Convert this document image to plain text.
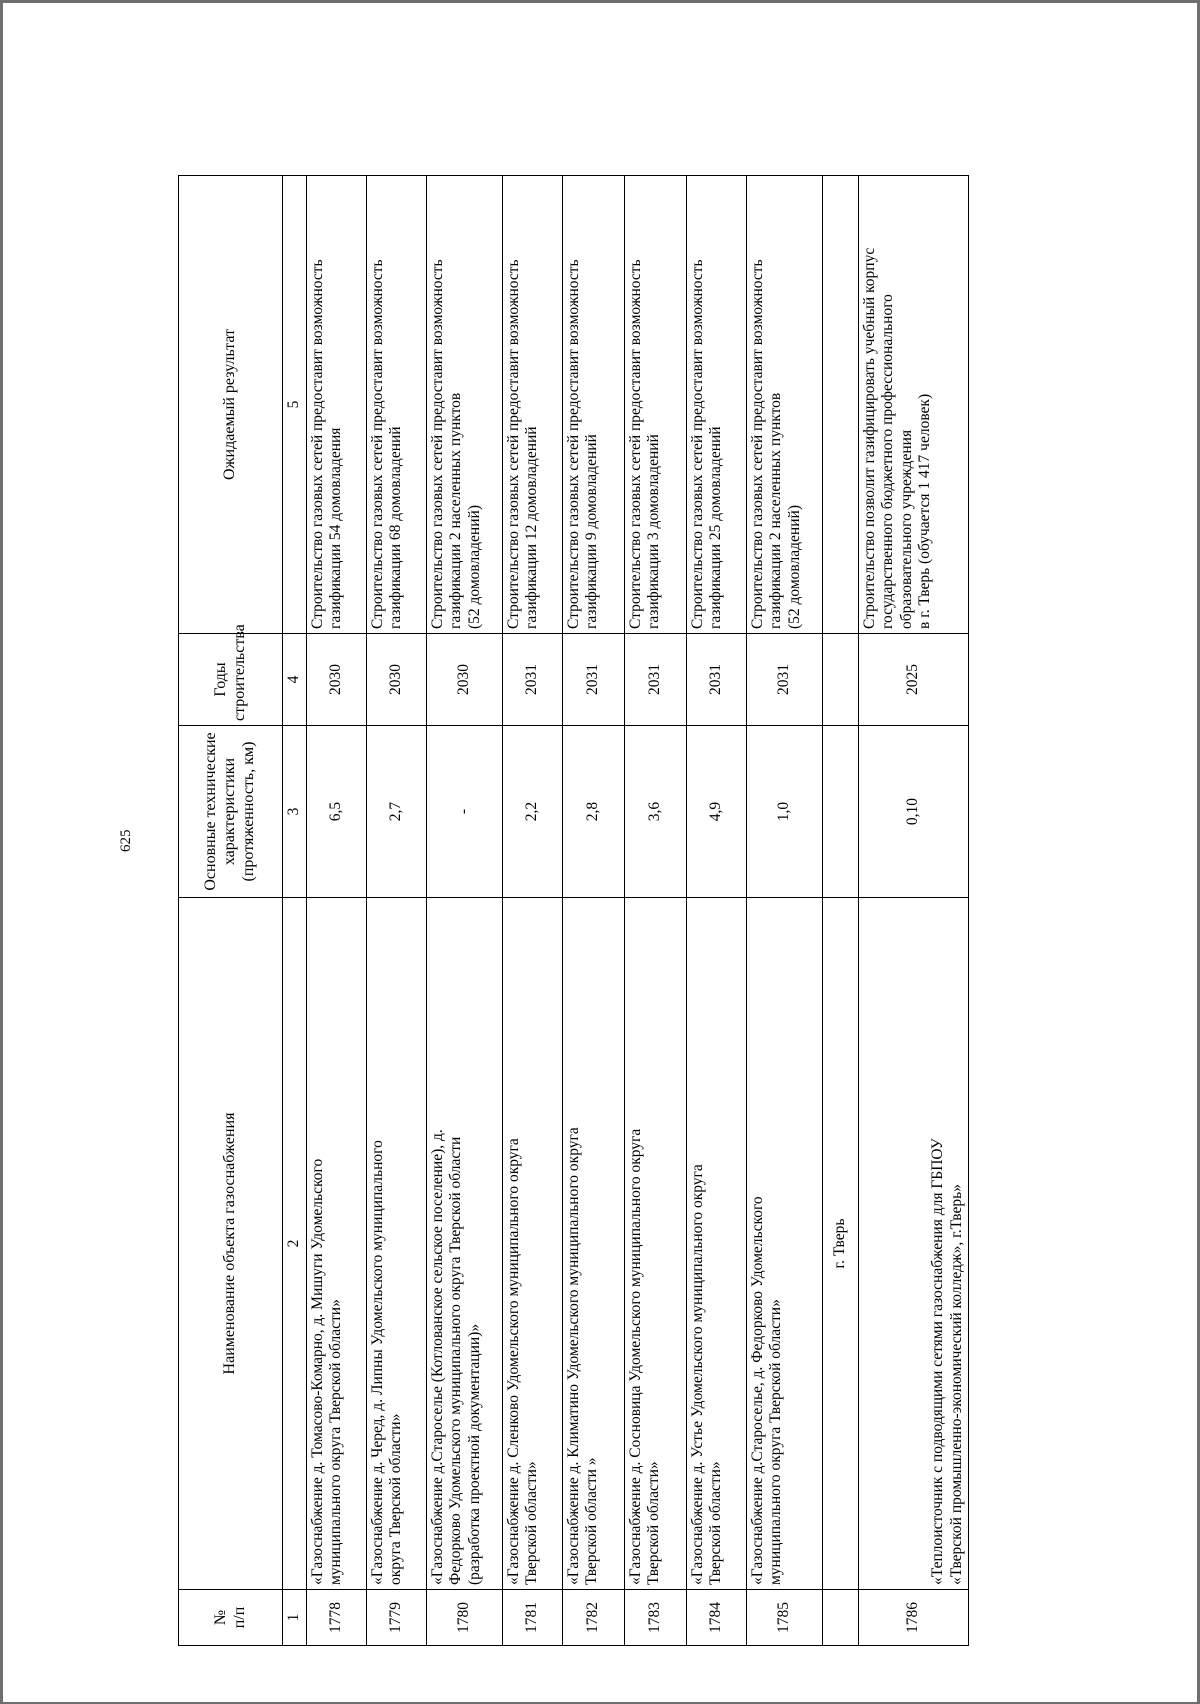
625
№
п/п	Наименование объекта газоснабжения	Основные технические
характеристики
(протяженность, км)	Годы
строительства	Ожидаемый результат
1	2	3	4	5
1778	«Газоснабжение д. Томасово-Комарно, д. Мишуги Удомельского
муниципального округа Тверской области»	6,5	2030	Строительство газовых сетей предоставит возможность
газификации 54 домовладения
1779	«Газоснабжение д. Черед, д. Липны Удомельского муниципального
округа Тверской области»	2,7	2030	Строительство газовых сетей предоставит возможность
газификации 68 домовладений
1780	«Газоснабжение д.Староселье (Котлованское сельское поселение), д.
Федорково Удомельского муниципального округа Тверской области
(разработка проектной документации)»	-	2030	Строительство газовых сетей предоставит возможность
газификации 2 населенных пунктов
(52 домовладений)
1781	«Газоснабжение д. Сленково Удомельского муниципального округа
Тверской области»	2,2	2031	Строительство газовых сетей предоставит возможность
газификации 12 домовладений
1782	«Газоснабжение д. Климатино Удомельского муниципального округа
Тверской области »	2,8	2031	Строительство газовых сетей предоставит возможность
газификации 9 домовладений
1783	«Газоснабжение д. Сосновица Удомельского муниципального округа
Тверской области»	3,6	2031	Строительство газовых сетей предоставит возможность
газификации 3 домовладений
1784	«Газоснабжение д. Устье Удомельского муниципального округа
Тверской области»	4,9	2031	Строительство газовых сетей предоставит возможность
газификации 25 домовладений
1785	«Газоснабжение д.Староселье, д. Федорково Удомельского
муниципального округа Тверской области»	1,0	2031	Строительство газовых сетей предоставит возможность
газификации 2 населенных пунктов
(52 домовладений)
	г. Тверь			
1786	«Теплоисточник с подводящими сетями газоснабжения для ГБПОУ
«Тверской промышленно-экономический колледж», г.Тверь»	0,10	2025	Строительство позволит газифицировать учебный корпус
государственного бюджетного профессионального
образовательного учреждения
в г. Тверь (обучается 1 417 человек)
